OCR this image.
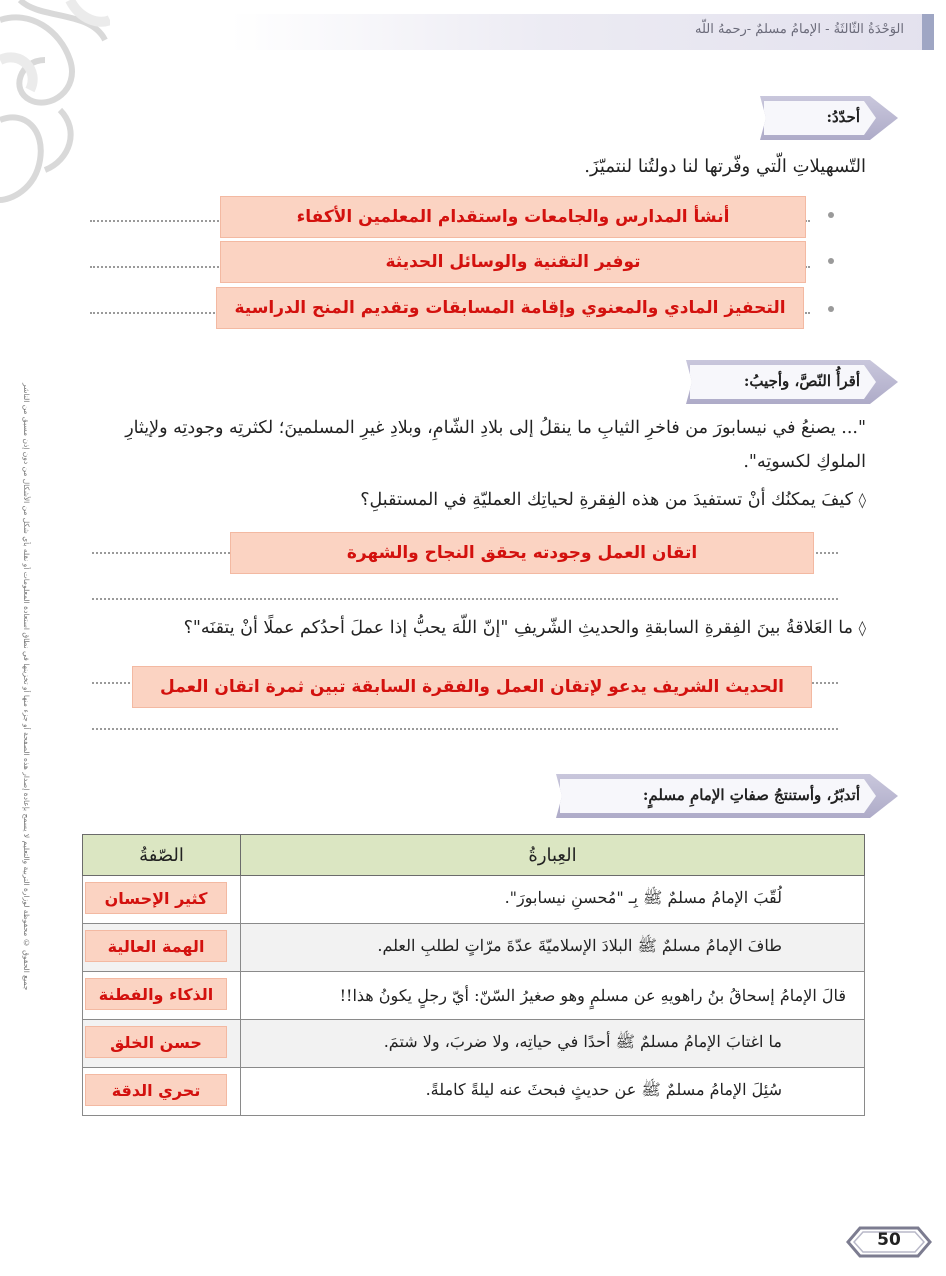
الوَحْدَةُ الثّالثَةُ - الإمامُ مسلمٌ -رحمهُ اللّه
جميع الحقوق © محفوظة لوزارة التربية والتعليم لا يسمح بإعادة إصدار هذه الصفحة أو جزء منها أو تخزينها في نطاق استعادة المعلومات أو نقله بأي شكل من الأشكال من دون إذن مسبق من الناشر
أحدّدُ:
التّسهيلاتِ الّتي وفّرتها لنا دولتُنا لنتميّزَ.
أنشأ المدارس والجامعات واستقدام المعلمين الأكفاء
توفير التقنية والوسائل الحديثة
التحفيز المادي والمعنوي وإقامة المسابقات وتقديم المنح الدراسية
أقرأُ النّصَّ، وأجيبُ:
"... يصنعُ في نيسابورَ من فاخرِ الثيابِ ما ينقلُ إلى بلادِ الشّامِ، وبلادِ غيرِ المسلمينَ؛ لكثرتِه وجودتِه ولإيثارِ
الملوكِ لكسوتِه".
◊ كيفَ يمكنُك أنْ تستفيدَ من هذه الفِقرةِ لحياتِك العمليّةِ في المستقبلِ؟
اتقان العمل وجودته يحقق النجاح والشهرة
◊ ما العَلاقةُ بينَ الفِقرةِ السابقةِ والحديثِ الشّريفِ "إنّ اللّهَ يحبُّ إذا عملَ أحدُكم عملًا أنْ يتقنَه"؟
الحديث الشريف يدعو لإتقان العمل والفقرة السابقة تبين ثمرة اتقان العمل
أتدبّرُ، وأستنتجُ صفاتِ الإمامِ مسلمٍ:
العِبارةُ	الصّفةُ
لُقّبَ الإمامُ مسلمٌ ﷺ بِـ "مُحسنِ نيسابورَ".	كثير الإحسان

طافَ الإمامُ مسلمٌ ﷺ البلادَ الإسلاميّةَ عدّةَ مرّاتٍ لطلبِ العلم.	الهمة العالية

قالَ الإمامُ إسحاقُ بنُ راهويهِ عن مسلمٍ وهو صغيرُ السّنّ: أيّ رجلٍ يكونُ هذا!!	الذكاء والفطنة

ما اغتابَ الإمامُ مسلمٌ ﷺ أحدًا في حياتِه، ولا ضربَ، ولا شتمَ.	حسن الخلق

سُئِلَ الإمامُ مسلمٌ ﷺ عن حديثٍ فبحثَ عنه ليلةً كاملةً.	تحري الدقة
50
